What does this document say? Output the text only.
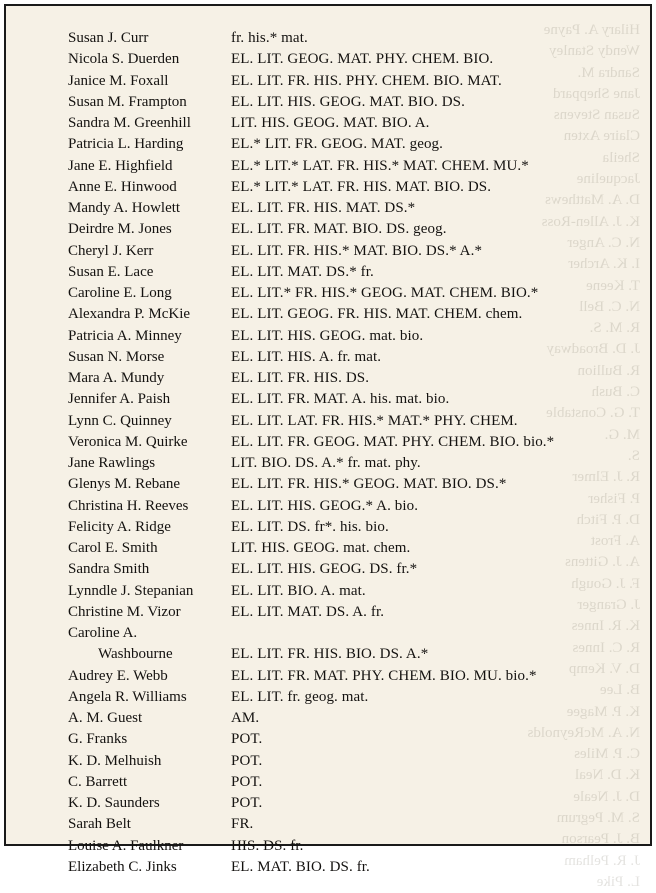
Hilary A. Payne
Wendy Stanley
Sandra M.
Jane Sheppard
Susan Stevens
Claire Axten
Sheila
Jacqueline
D. A. Matthews
K. J. Allen-Ross
N. C. Anger
I. K. Archer
T. Keene
N. C. Bell
R. M. S.
J. D. Broadway
R. Bullion
C. Bush
T. G. Constable
M. G.
S.
R. J. Elmer
P. Fisher
D. P. Fitch
A. Frost
A. J. Gittens
F. J. Gough
J. Granger
K. R. Innes
R. C. Innes
D. V. Kemp
B. Lee
K. P. Magee
N. A. McReynolds
C. P. Miles
K. D. Neal
D. J. Neale
S. M. Pegrum
B. J. Pearson
J. R. Pelham
L. Pike
Susan J. Curr	fr. his.* mat.
Nicola S. Duerden	EL. LIT. GEOG. MAT. PHY. CHEM. BIO.
Janice M. Foxall	EL. LIT. FR. HIS. PHY. CHEM. BIO. MAT.
Susan M. Frampton	EL. LIT. HIS. GEOG. MAT. BIO. DS.
Sandra M. Greenhill	LIT. HIS. GEOG. MAT. BIO. A.
Patricia L. Harding	EL.* LIT. FR. GEOG. MAT. geog.
Jane E. Highfield	EL.* LIT.* LAT. FR. HIS.* MAT. CHEM. MU.*
Anne E. Hinwood	EL.* LIT.* LAT. FR. HIS. MAT. BIO. DS.
Mandy A. Howlett	EL. LIT. FR. HIS. MAT. DS.*
Deirdre M. Jones	EL. LIT. FR. MAT. BIO. DS. geog.
Cheryl J. Kerr	EL. LIT. FR. HIS.* MAT. BIO. DS.* A.*
Susan E. Lace	EL. LIT. MAT. DS.* fr.
Caroline E. Long	EL. LIT.* FR. HIS.* GEOG. MAT. CHEM. BIO.*
Alexandra P. McKie	EL. LIT. GEOG. FR. HIS. MAT. CHEM. chem.
Patricia A. Minney	EL. LIT. HIS. GEOG. mat. bio.
Susan N. Morse	EL. LIT. HIS. A. fr. mat.
Mara A. Mundy	EL. LIT. FR. HIS. DS.
Jennifer A. Paish	EL. LIT. FR. MAT. A. his. mat. bio.
Lynn C. Quinney	EL. LIT. LAT. FR. HIS.* MAT.* PHY. CHEM.
Veronica M. Quirke	EL. LIT. FR. GEOG. MAT. PHY. CHEM. BIO. bio.*
Jane Rawlings	LIT. BIO. DS. A.* fr. mat. phy.
Glenys M. Rebane	EL. LIT. FR. HIS.* GEOG. MAT. BIO. DS.*
Christina H. Reeves	EL. LIT. HIS. GEOG.* A. bio.
Felicity A. Ridge	EL. LIT. DS. fr*. his. bio.
Carol E. Smith	LIT. HIS. GEOG. mat. chem.
Sandra Smith	EL. LIT. HIS. GEOG. DS. fr.*
Lynndle J. Stepanian	EL. LIT. BIO. A. mat.
Christine M. Vizor	EL. LIT. MAT. DS. A. fr.
Caroline A.
Washbourne	EL. LIT. FR. HIS. BIO. DS. A.*
Audrey E. Webb	EL. LIT. FR. MAT. PHY. CHEM. BIO. MU. bio.*
Angela R. Williams	EL. LIT. fr. geog. mat.
A. M. Guest	AM.
G. Franks	POT.
K. D. Melhuish	POT.
C. Barrett	POT.
K. D. Saunders	POT.
Sarah Belt	FR.
Louise A. Faulkner	HIS. DS. fr.
Elizabeth C. Jinks	EL. MAT. BIO. DS. fr.
